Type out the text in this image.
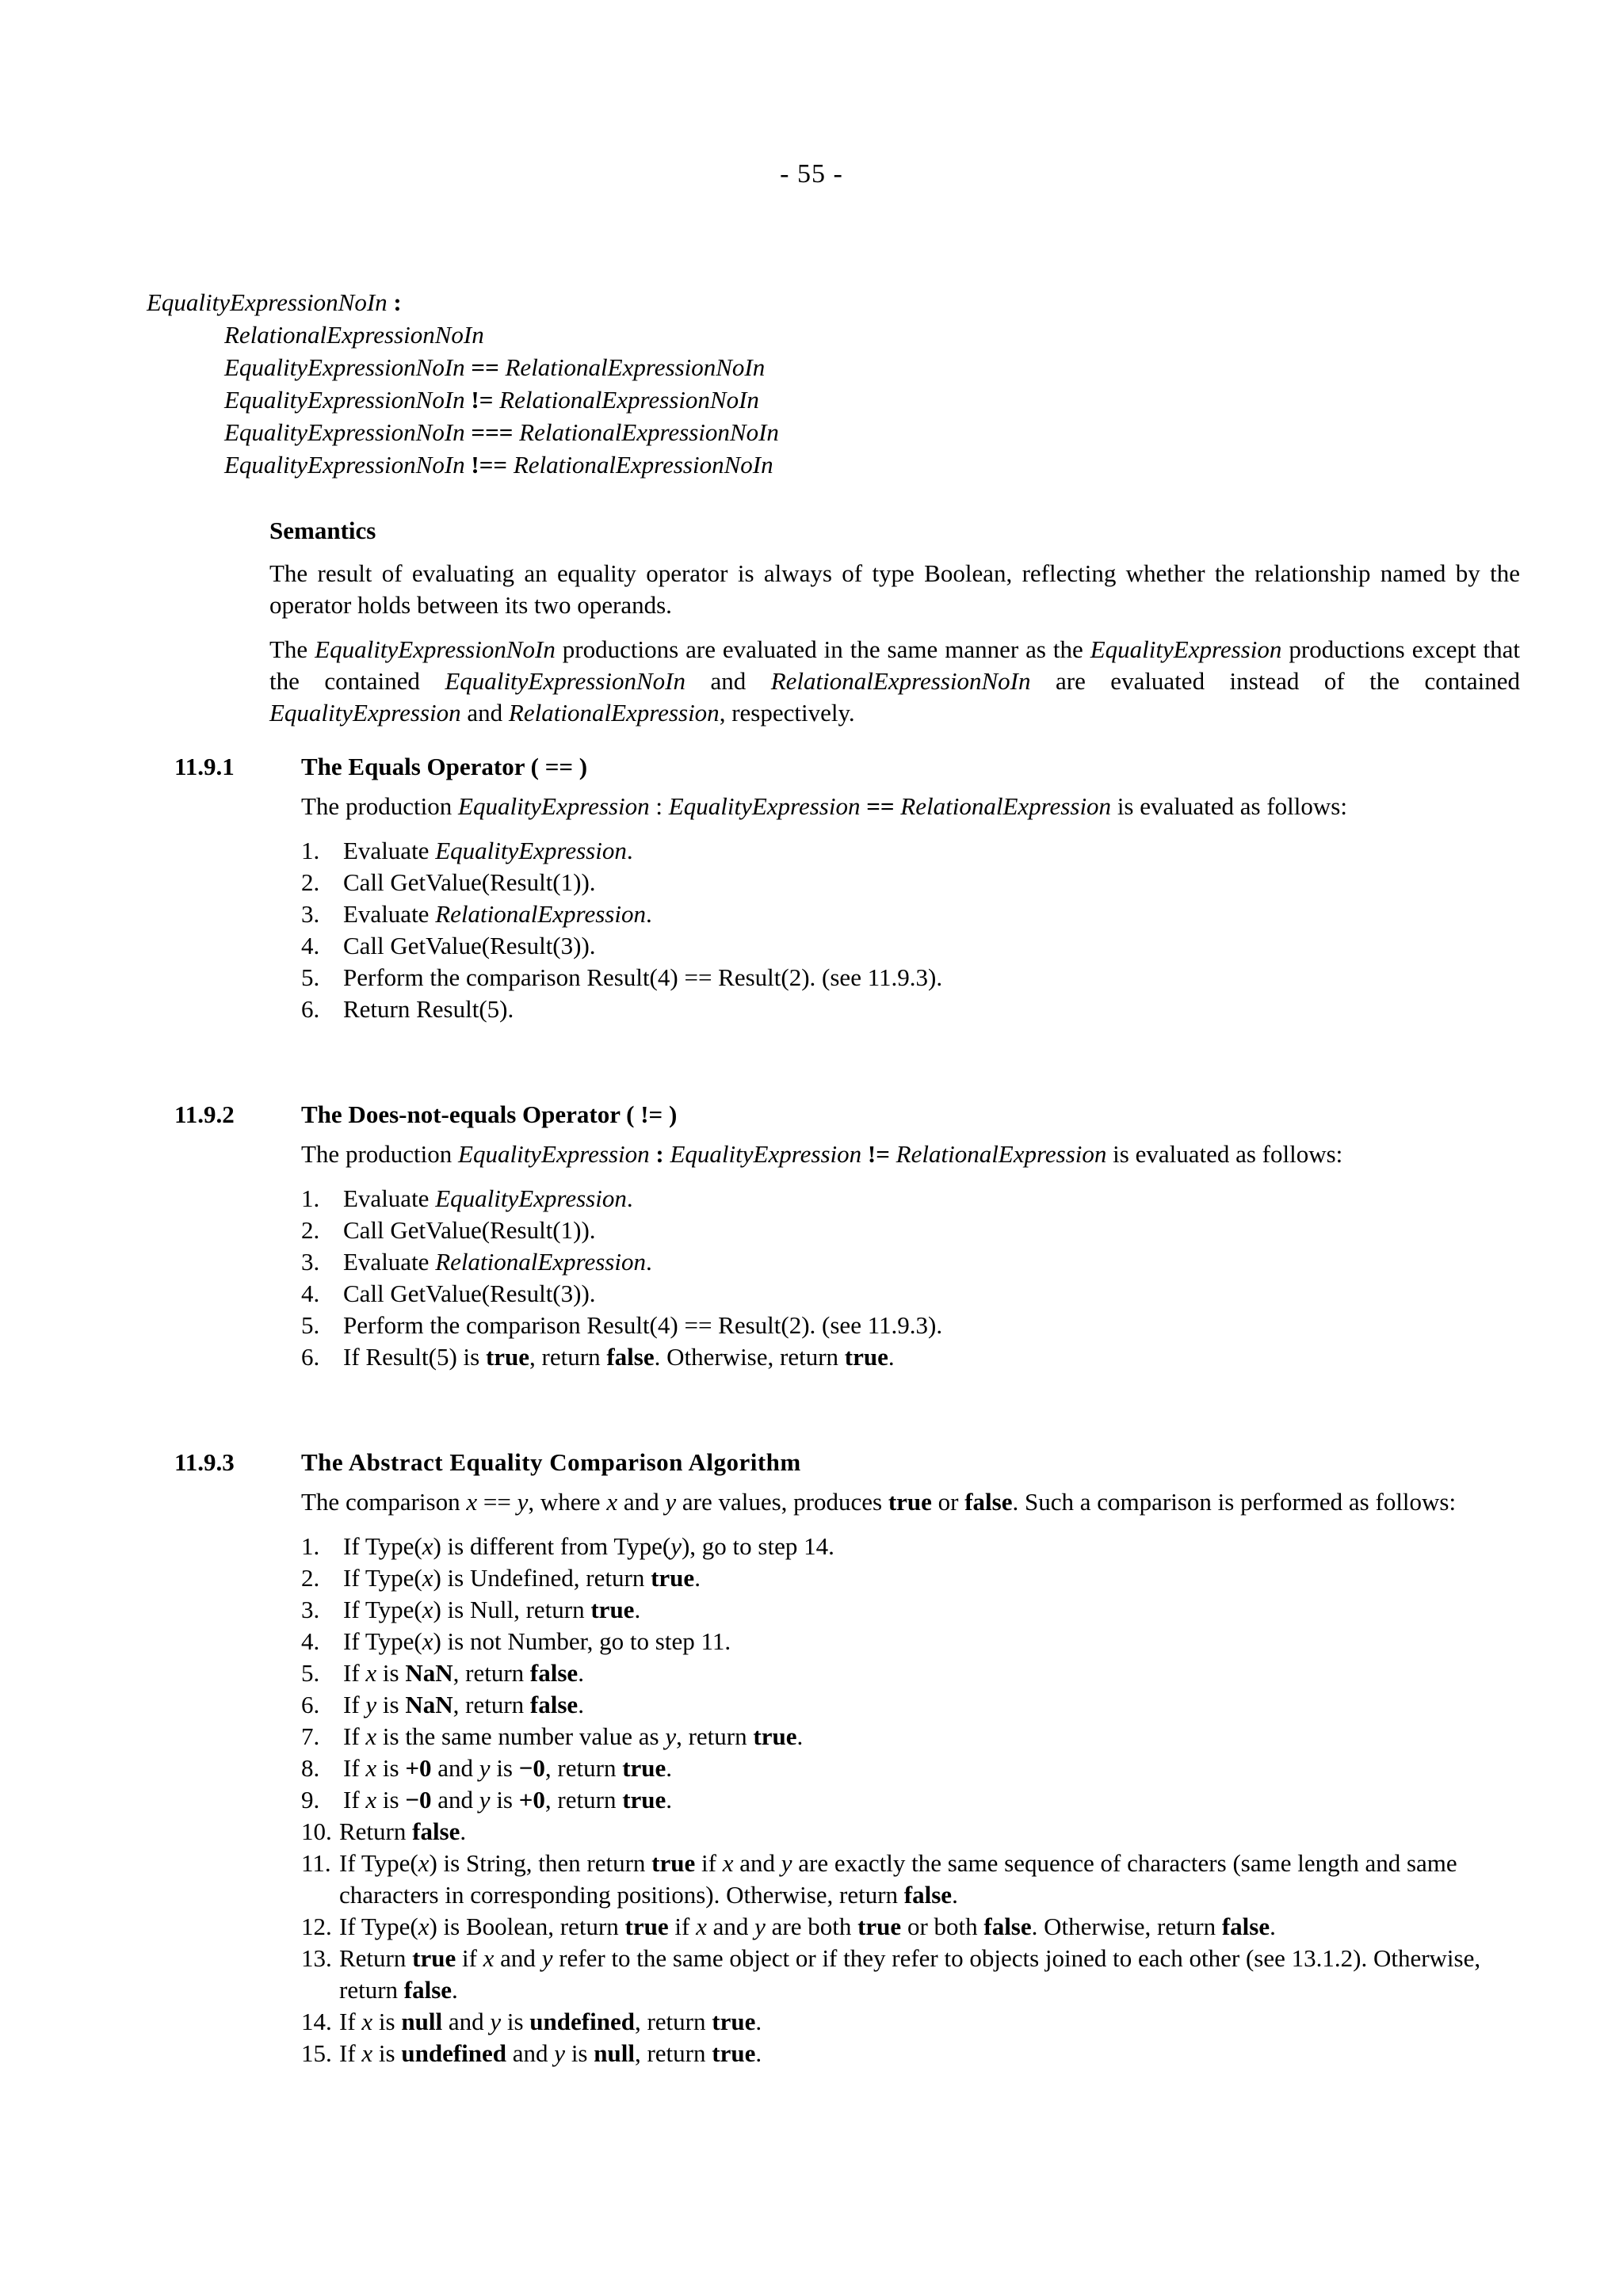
- 55 -
EqualityExpressionNoIn :
RelationalExpressionNoIn
EqualityExpressionNoIn == RelationalExpressionNoIn
EqualityExpressionNoIn != RelationalExpressionNoIn
EqualityExpressionNoIn === RelationalExpressionNoIn
EqualityExpressionNoIn !== RelationalExpressionNoIn
Semantics
The result of evaluating an equality operator is always of type Boolean, reflecting whether the relationship named by the operator holds between its two operands.
The EqualityExpressionNoIn productions are evaluated in the same manner as the EqualityExpression productions except that the contained EqualityExpressionNoIn and RelationalExpressionNoIn are evaluated instead of the contained EqualityExpression and RelationalExpression, respectively.
11.9.1	The Equals Operator ( == )
The production EqualityExpression : EqualityExpression == RelationalExpression is evaluated as follows:
1. Evaluate EqualityExpression.
2. Call GetValue(Result(1)).
3. Evaluate RelationalExpression.
4. Call GetValue(Result(3)).
5. Perform the comparison Result(4) == Result(2). (see 11.9.3).
6. Return Result(5).
11.9.2	The Does-not-equals Operator ( != )
The production EqualityExpression : EqualityExpression != RelationalExpression is evaluated as follows:
1. Evaluate EqualityExpression.
2. Call GetValue(Result(1)).
3. Evaluate RelationalExpression.
4. Call GetValue(Result(3)).
5. Perform the comparison Result(4) == Result(2). (see 11.9.3).
6. If Result(5) is true, return false. Otherwise, return true.
11.9.3	The Abstract Equality Comparison Algorithm
The comparison x == y, where x and y are values, produces true or false. Such a comparison is performed as follows:
1. If Type(x) is different from Type(y), go to step 14.
2. If Type(x) is Undefined, return true.
3. If Type(x) is Null, return true.
4. If Type(x) is not Number, go to step 11.
5. If x is NaN, return false.
6. If y is NaN, return false.
7. If x is the same number value as y, return true.
8. If x is +0 and y is −0, return true.
9. If x is −0 and y is +0, return true.
10. Return false.
11. If Type(x) is String, then return true if x and y are exactly the same sequence of characters (same length and same characters in corresponding positions). Otherwise, return false.
12. If Type(x) is Boolean, return true if x and y are both true or both false. Otherwise, return false.
13. Return true if x and y refer to the same object or if they refer to objects joined to each other (see 13.1.2). Otherwise, return false.
14. If x is null and y is undefined, return true.
15. If x is undefined and y is null, return true.
